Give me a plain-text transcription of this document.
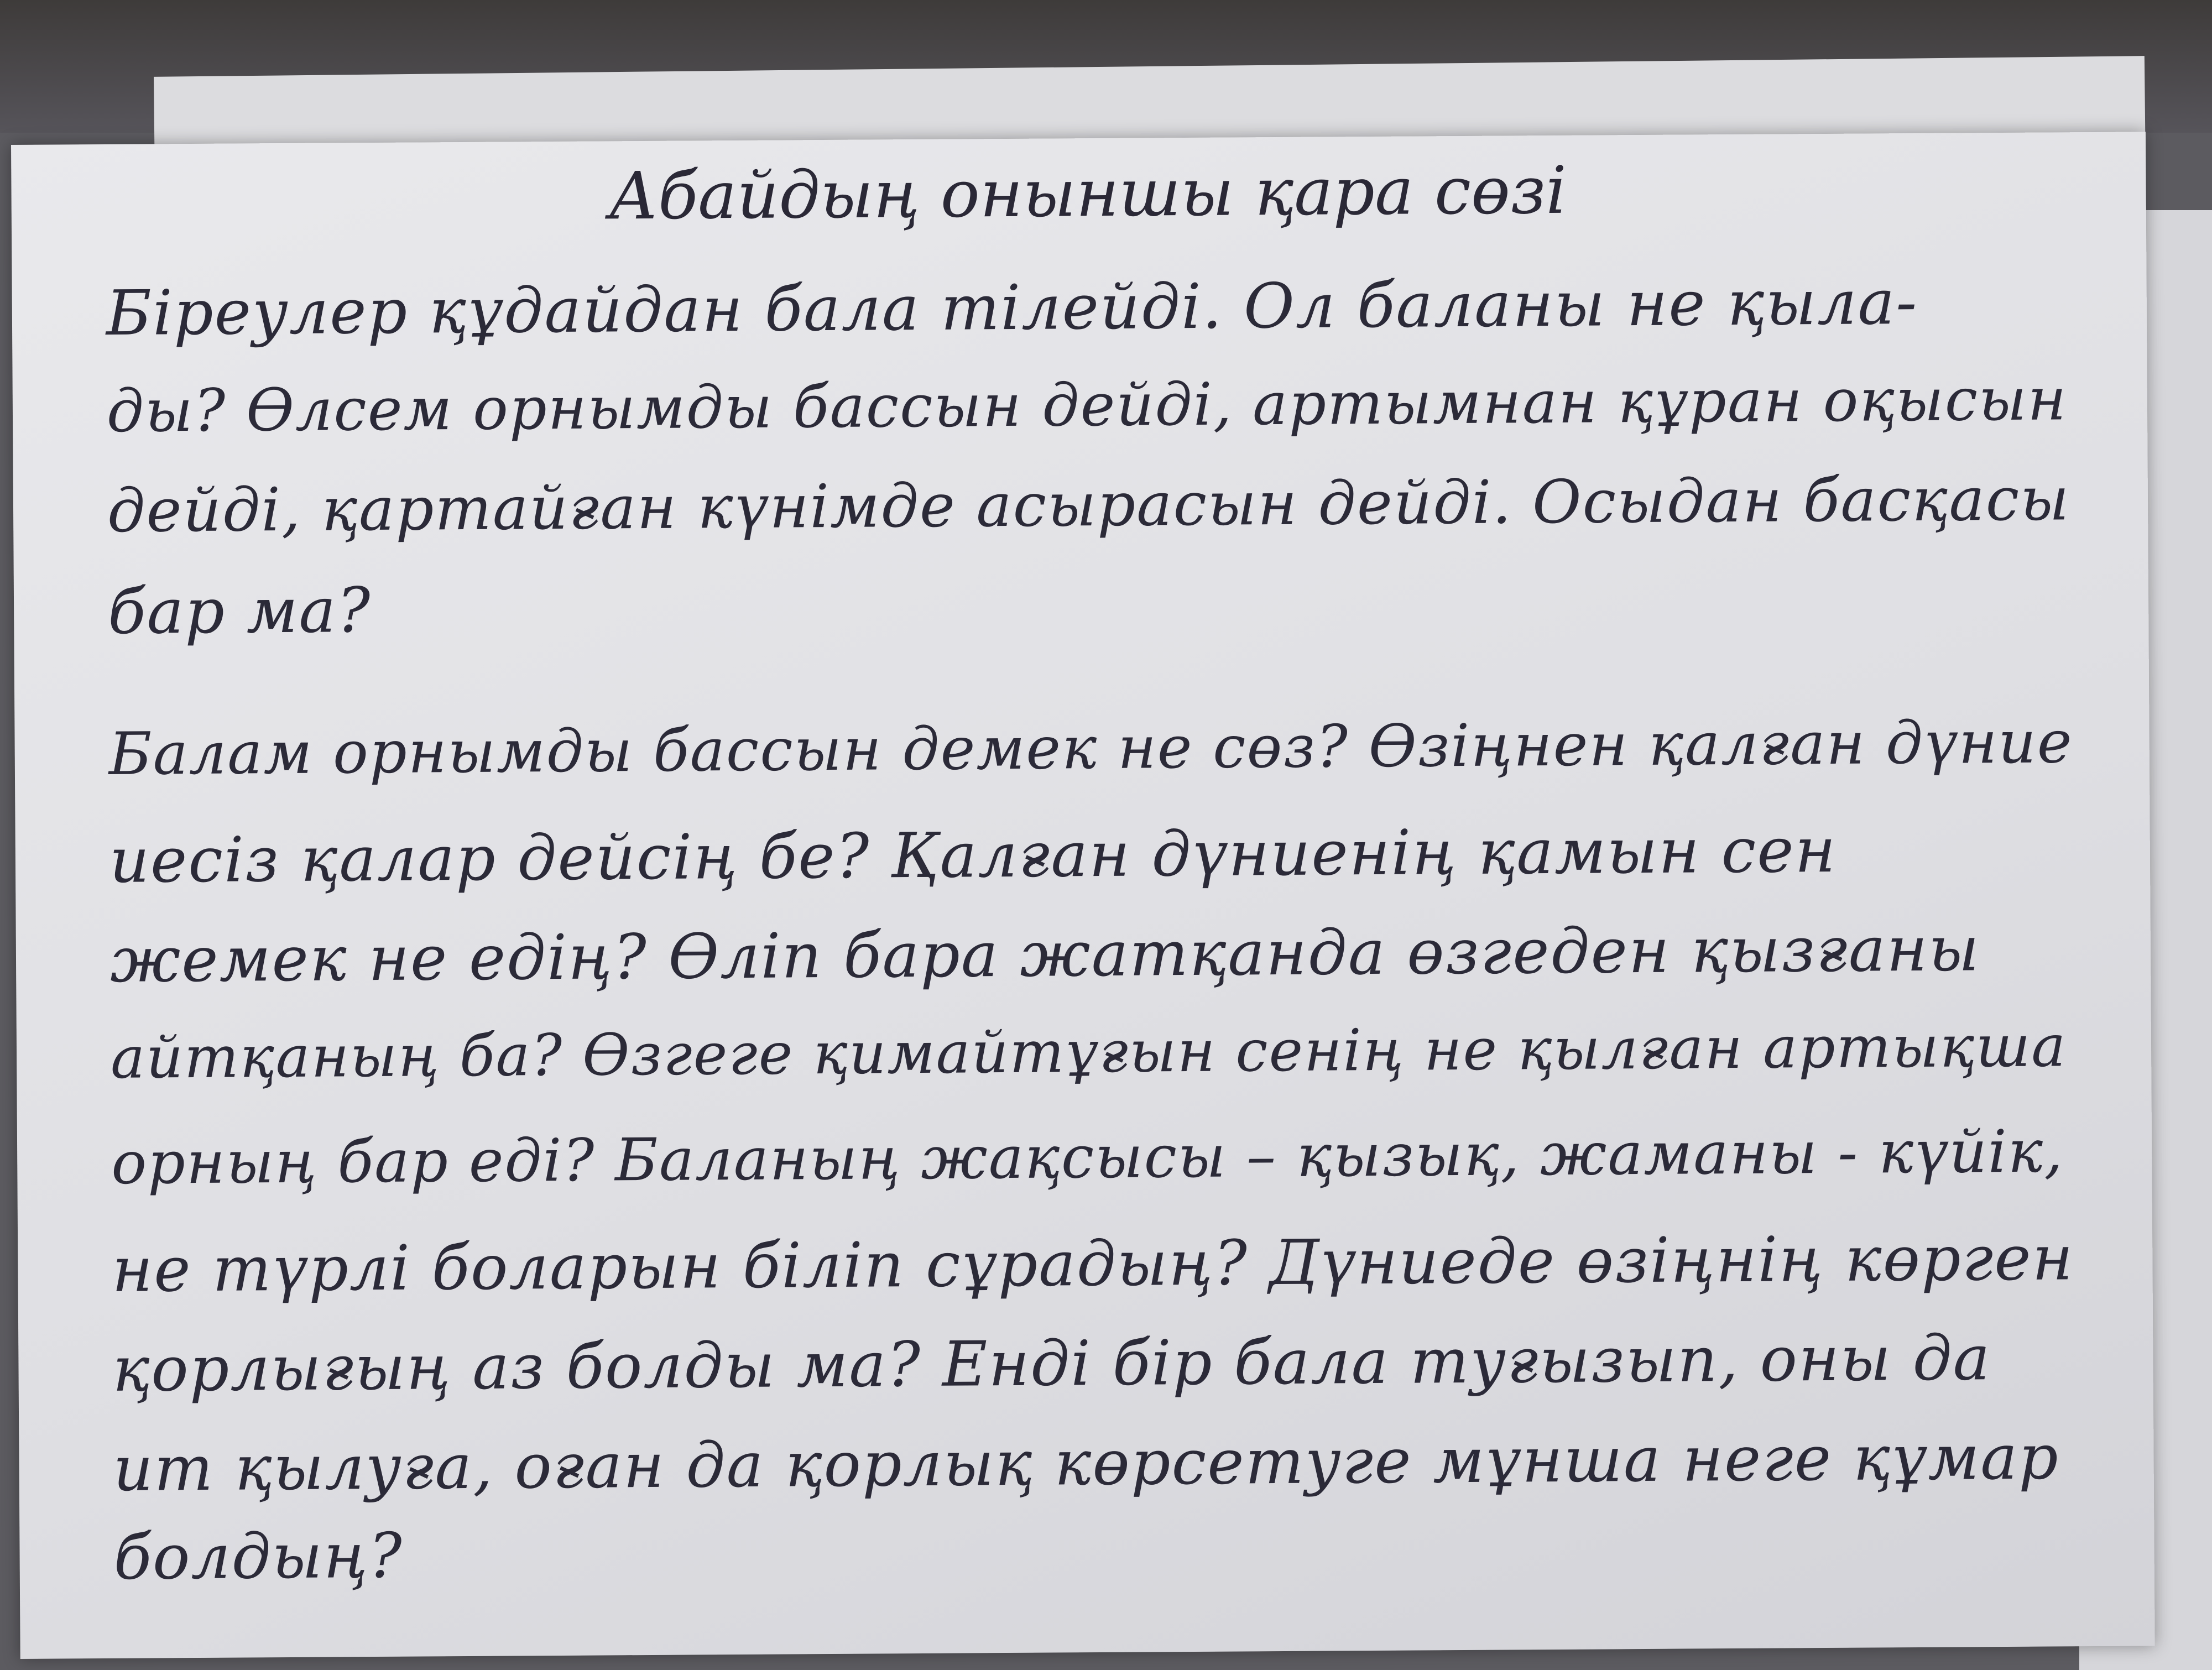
Абайдың оныншы қара сөзі
Біреулер құдайдан бала тілейді. Ол баланы не қыла-
ды? Өлсем орнымды бассын дейді, артымнан құран оқысын
дейді, қартайған күнімде асырасын дейді. Осыдан басқасы
бар ма?
Балам орнымды бассын демек не сөз? Өзіңнен қалған дүние
иесіз қалар дейсің бе? Қалған дүниенің қамын сен
жемек не едің? Өліп бара жатқанда өзгеден қызғаны
айтқаның ба? Өзгеге қимайтұғын сенің не қылған артықша
орның бар еді? Баланың жақсысы – қызық, жаманы - күйік,
не түрлі боларын біліп сұрадың? Дүниеде өзіңнің көрген
қорлығың аз болды ма? Енді бір бала туғызып, оны да
ит қылуға, оған да қорлық көрсетуге мұнша неге құмар
болдың?
